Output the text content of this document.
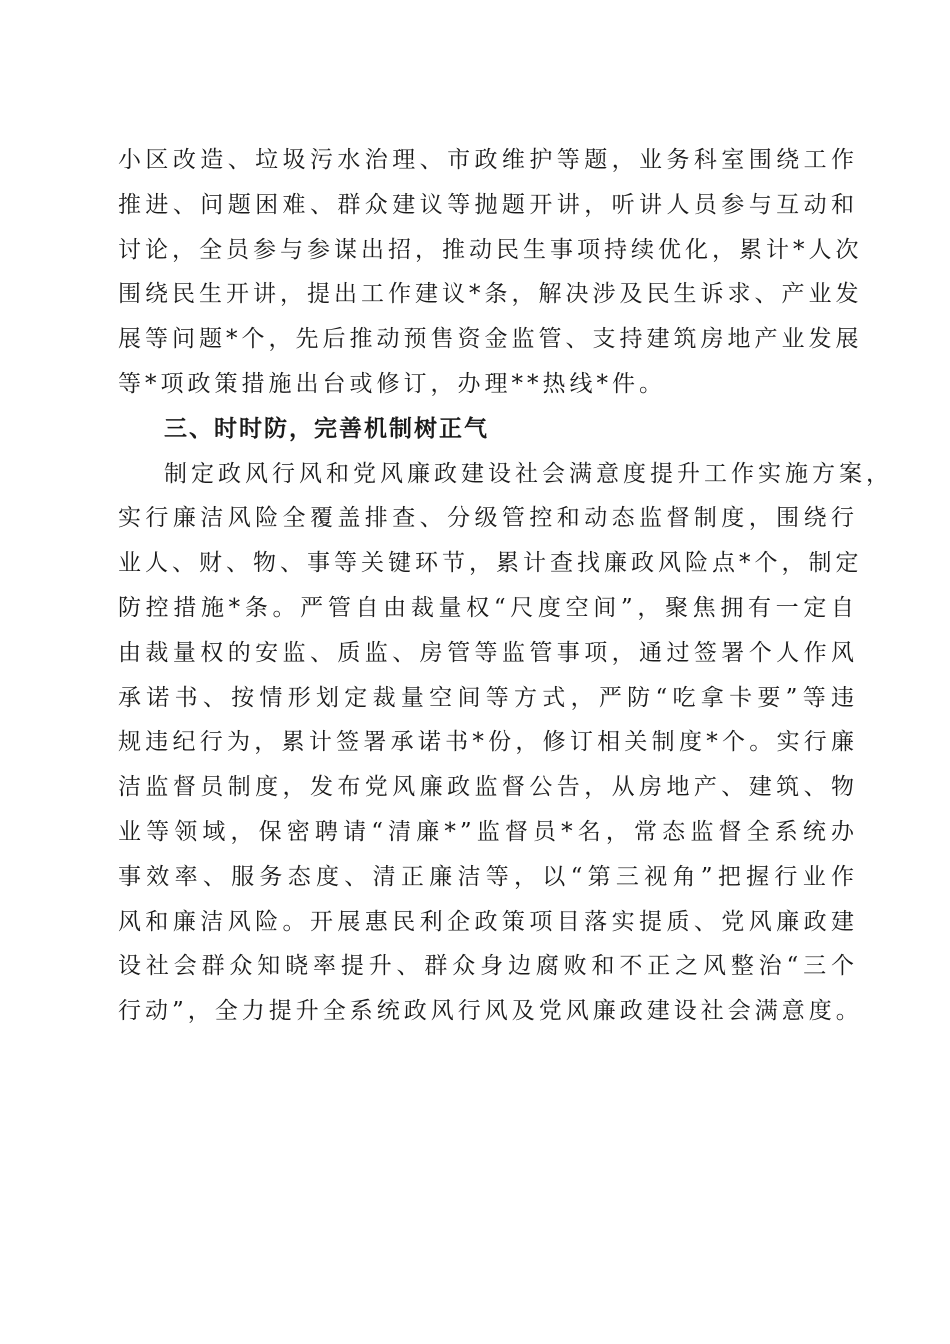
小区改造、垃圾污水治理、市政维护等题，业务科室围绕工作
推进、问题困难、群众建议等抛题开讲，听讲人员参与互动和
讨论，全员参与参谋出招，推动民生事项持续优化，累计*人次
围绕民生开讲，提出工作建议*条，解决涉及民生诉求、产业发
展等问题*个，先后推动预售资金监管、支持建筑房地产业发展
等*项政策措施出台或修订，办理**热线*件。
三、时时防，完善机制树正气
制定政风行风和党风廉政建设社会满意度提升工作实施方案，
实行廉洁风险全覆盖排查、分级管控和动态监督制度，围绕行
业人、财、物、事等关键环节，累计查找廉政风险点*个，制定
防控措施*条。严管自由裁量权“尺度空间”，聚焦拥有一定自
由裁量权的安监、质监、房管等监管事项，通过签署个人作风
承诺书、按情形划定裁量空间等方式，严防“吃拿卡要”等违
规违纪行为，累计签署承诺书*份，修订相关制度*个。实行廉
洁监督员制度，发布党风廉政监督公告，从房地产、建筑、物
业等领域，保密聘请“清廉*”监督员*名，常态监督全系统办
事效率、服务态度、清正廉洁等，以“第三视角”把握行业作
风和廉洁风险。开展惠民利企政策项目落实提质、党风廉政建
设社会群众知晓率提升、群众身边腐败和不正之风整治“三个
行动”，全力提升全系统政风行风及党风廉政建设社会满意度。
